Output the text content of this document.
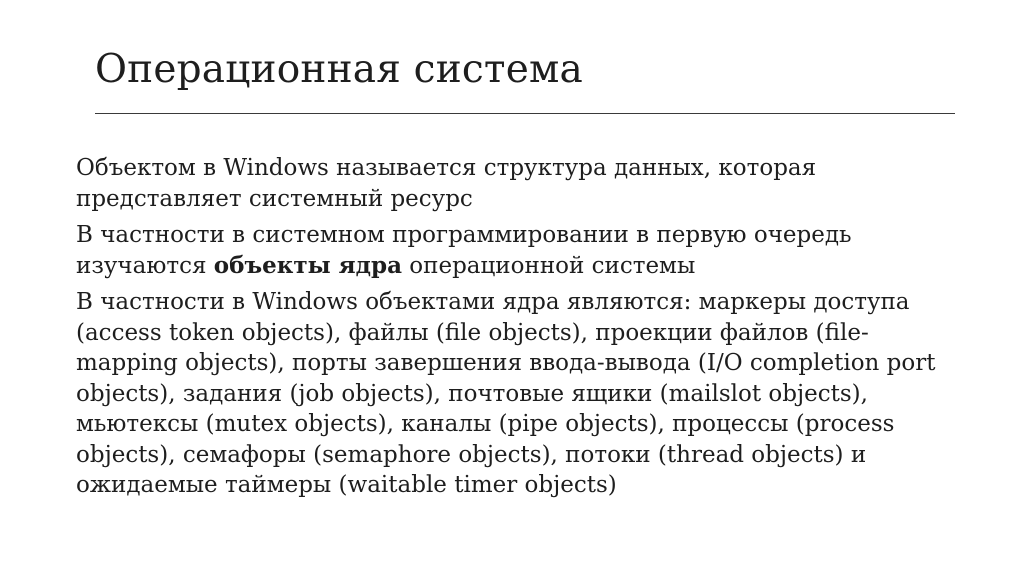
Операционная система

Объектом в Windows называется структура данных, которая представляет системный ресурс

В частности в системном программировании в первую очередь изучаются объекты ядра операционной системы

В частности в Windows объектами ядра являются: маркеры доступа (access token objects), файлы (file objects), проекции файлов (file-mapping objects), порты завершения ввода-вывода (I/O completion port objects), задания (job objects), почтовые ящики (mailslot objects), мьютексы (mutex objects), каналы (pipe objects), процессы (process objects), семафоры (semaphore objects), потоки (thread objects) и ожидаемые таймеры (waitable timer objects)
